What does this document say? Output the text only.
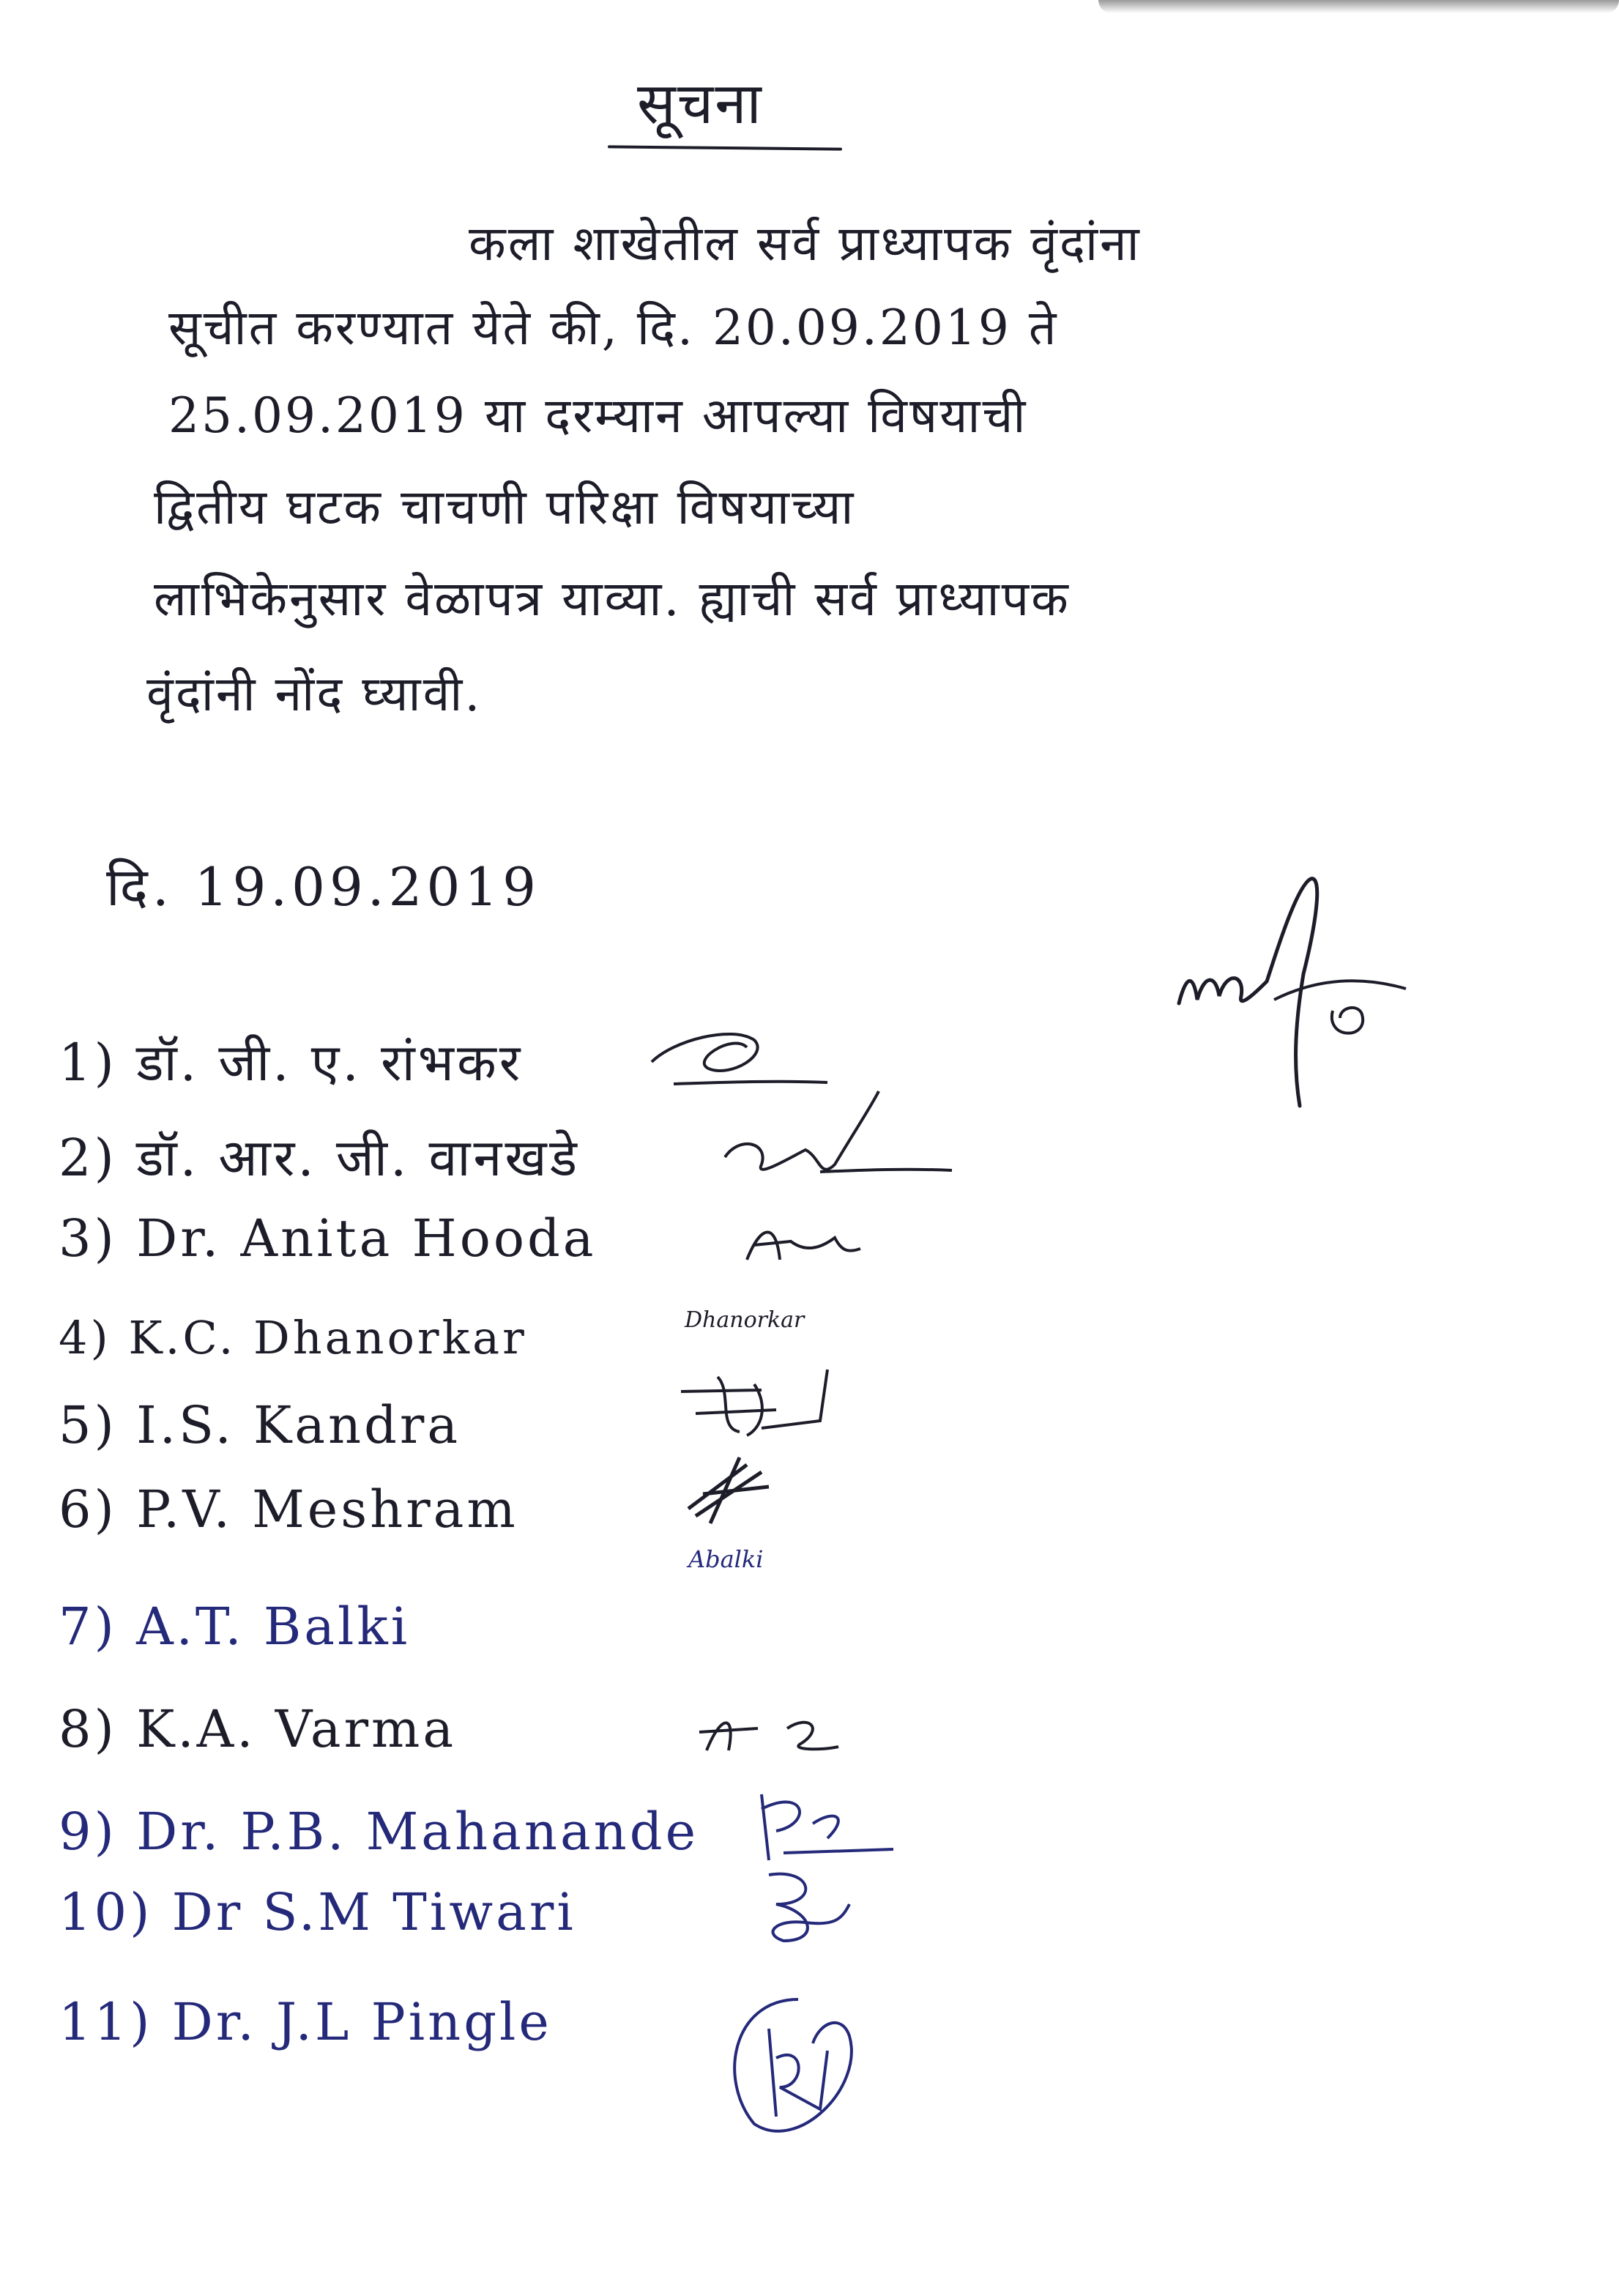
सूचना
कला शाखेतील सर्व प्राध्यापक वृंदांना
सूचीत करण्यात येते की, दि. 20.09.2019 ते
25.09.2019 या दरम्यान आपल्या विषयाची
द्वितीय घटक चाचणी परिक्षा विषयाच्या
लाभिकेनुसार वेळापत्र याव्या. ह्याची सर्व प्राध्यापक
वृंदांनी नोंद घ्यावी.
दि. 19.09.2019
1) डॉ. जी. ए. रांभकर
2) डॉ. आर. जी. वानखडे
3) Dr. Anita Hooda
4) K.C. Dhanorkar	Dhanorkar
5) I.S. Kandra
6) P.V. Meshram
Abalki
7) A.T. Balki
8) K.A. Varma
9) Dr. P.B. Mahanande
10) Dr S.M Tiwari
11) Dr. J.L Pingle
